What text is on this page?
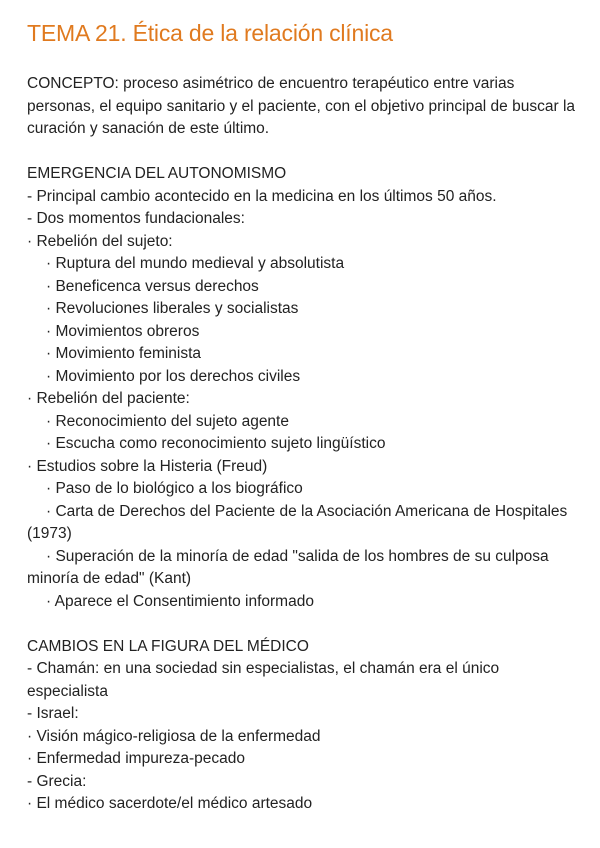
TEMA 21. Ética de la relación clínica

CONCEPTO: proceso asimétrico de encuentro terapéutico entre varias personas, el equipo sanitario y el paciente, con el objetivo principal de buscar la curación y sanación de este último.

EMERGENCIA DEL AUTONOMISMO

- Principal cambio acontecido en la medicina en los últimos 50 años.
- Dos momentos fundacionales:
· Rebelión del sujeto:
· Ruptura del mundo medieval y absolutista
· Beneficenca versus derechos
· Revoluciones liberales y socialistas
· Movimientos obreros
· Movimiento feminista
· Movimiento por los derechos civiles
· Rebelión del paciente:
· Reconocimiento del sujeto agente
· Escucha como reconocimiento sujeto lingüístico
· Estudios sobre la Histeria (Freud)
· Paso de lo biológico a los biográfico
· Carta de Derechos del Paciente de la Asociación Americana de Hospitales (1973)
· Superación de la minoría de edad "salida de los hombres de su culposa minoría de edad" (Kant)
· Aparece el Consentimiento informado

CAMBIOS EN LA FIGURA DEL MÉDICO

- Chamán: en una sociedad sin especialistas, el chamán era el único especialista
- Israel:
· Visión mágico-religiosa de la enfermedad
· Enfermedad impureza-pecado
- Grecia:
· El médico sacerdote/el médico artesado
